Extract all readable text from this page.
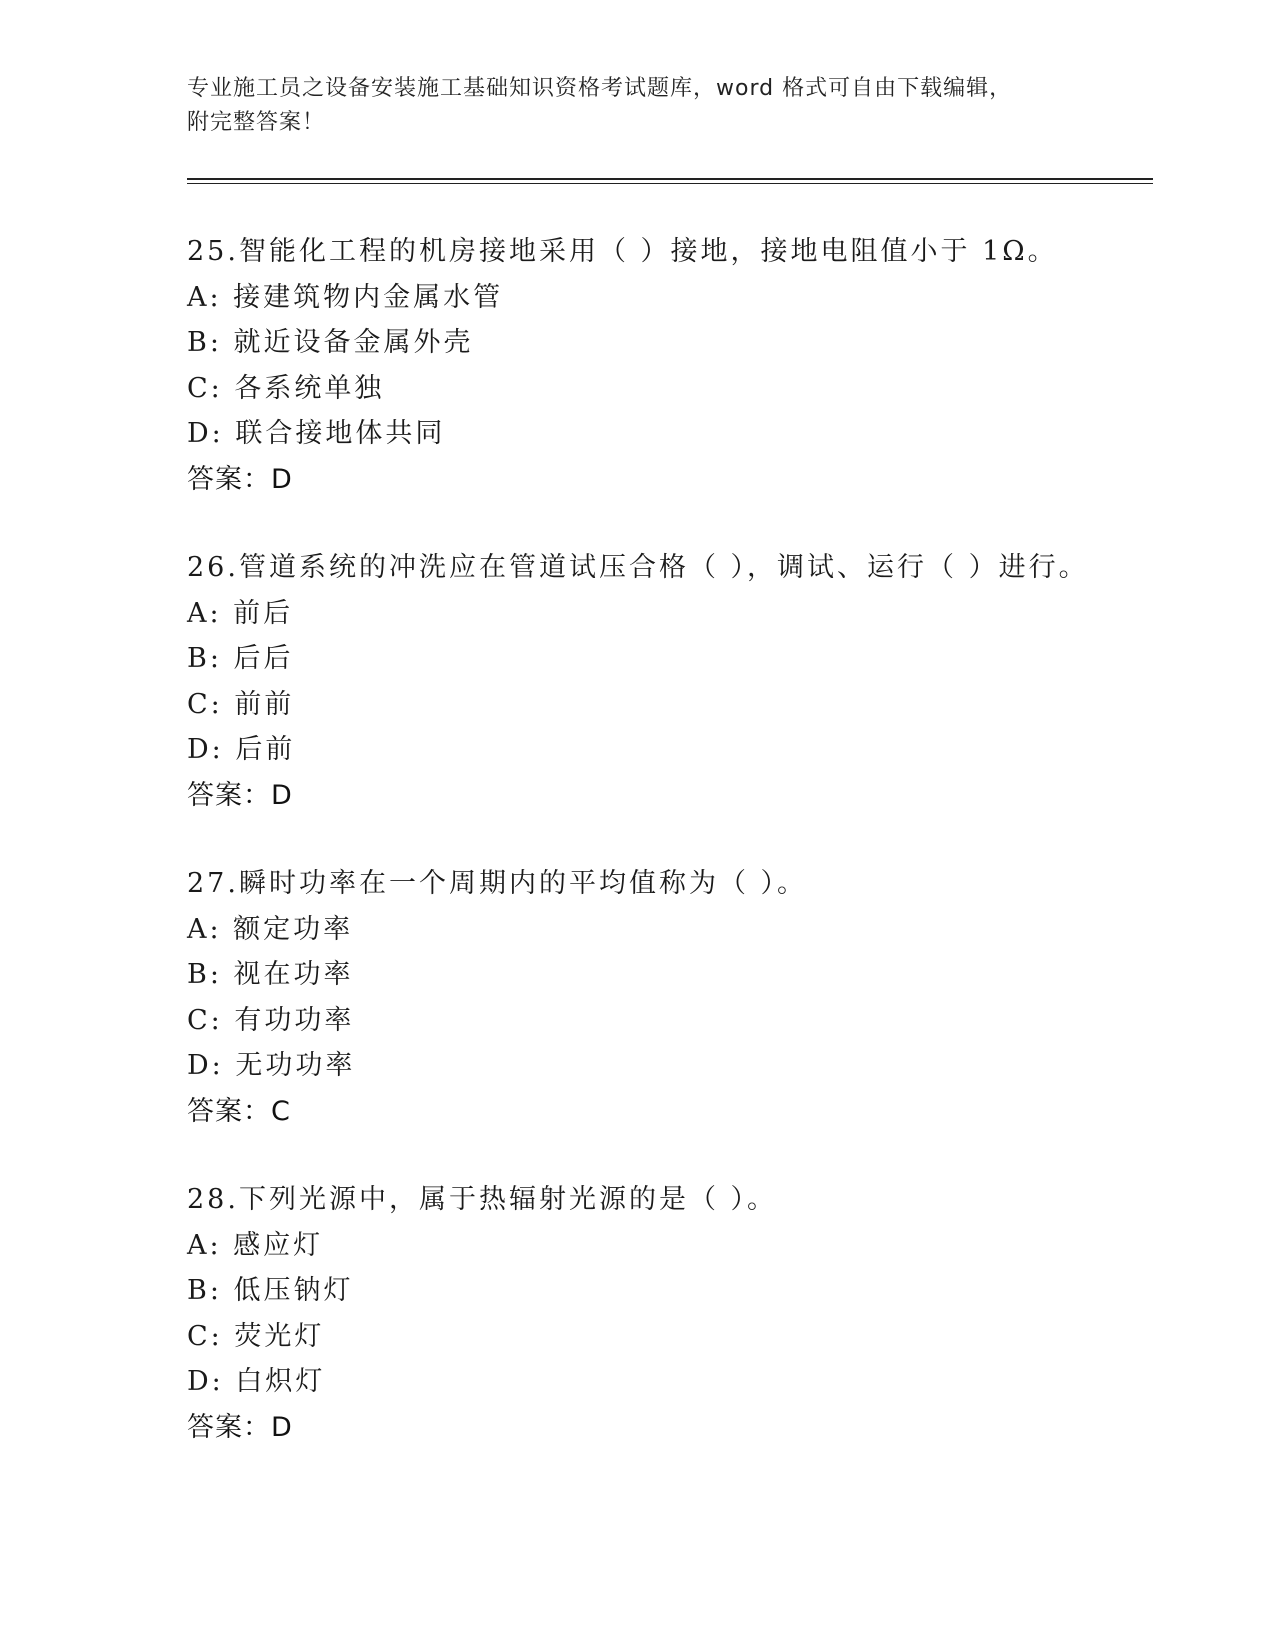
专业施工员之设备安装施工基础知识资格考试题库，word 格式可自由下载编辑，
附完整答案！
25.智能化工程的机房接地采用（ ）接地，接地电阻值小于 1Ω。
A: 接建筑物内金属水管
B: 就近设备金属外壳
C: 各系统单独
D: 联合接地体共同
答案：D
26.管道系统的冲洗应在管道试压合格（ ），调试、运行（ ）进行。
A: 前后
B: 后后
C: 前前
D: 后前
答案：D
27.瞬时功率在一个周期内的平均值称为（ ）。
A: 额定功率
B: 视在功率
C: 有功功率
D: 无功功率
答案：C
28.下列光源中，属于热辐射光源的是（ ）。
A: 感应灯
B: 低压钠灯
C: 荧光灯
D: 白炽灯
答案：D
